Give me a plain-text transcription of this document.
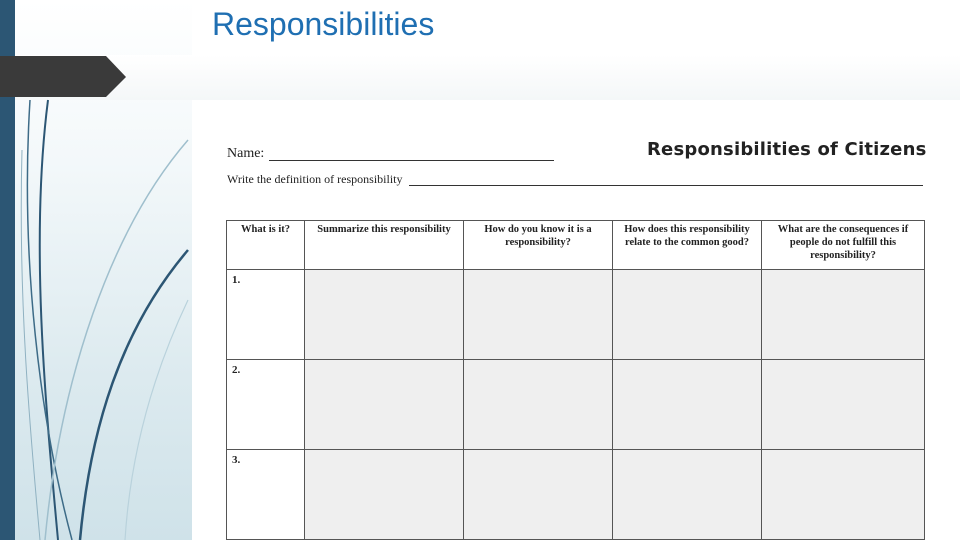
Responsibilities
Name:	Responsibilities of Citizens
Write the definition of responsibility
What is it?	Summarize this responsibility	How do you know it is a responsibility?	How does this responsibility relate to the common good?	What are the consequences if people do not fulfill this responsibility?
1.				
2.				
3.				
